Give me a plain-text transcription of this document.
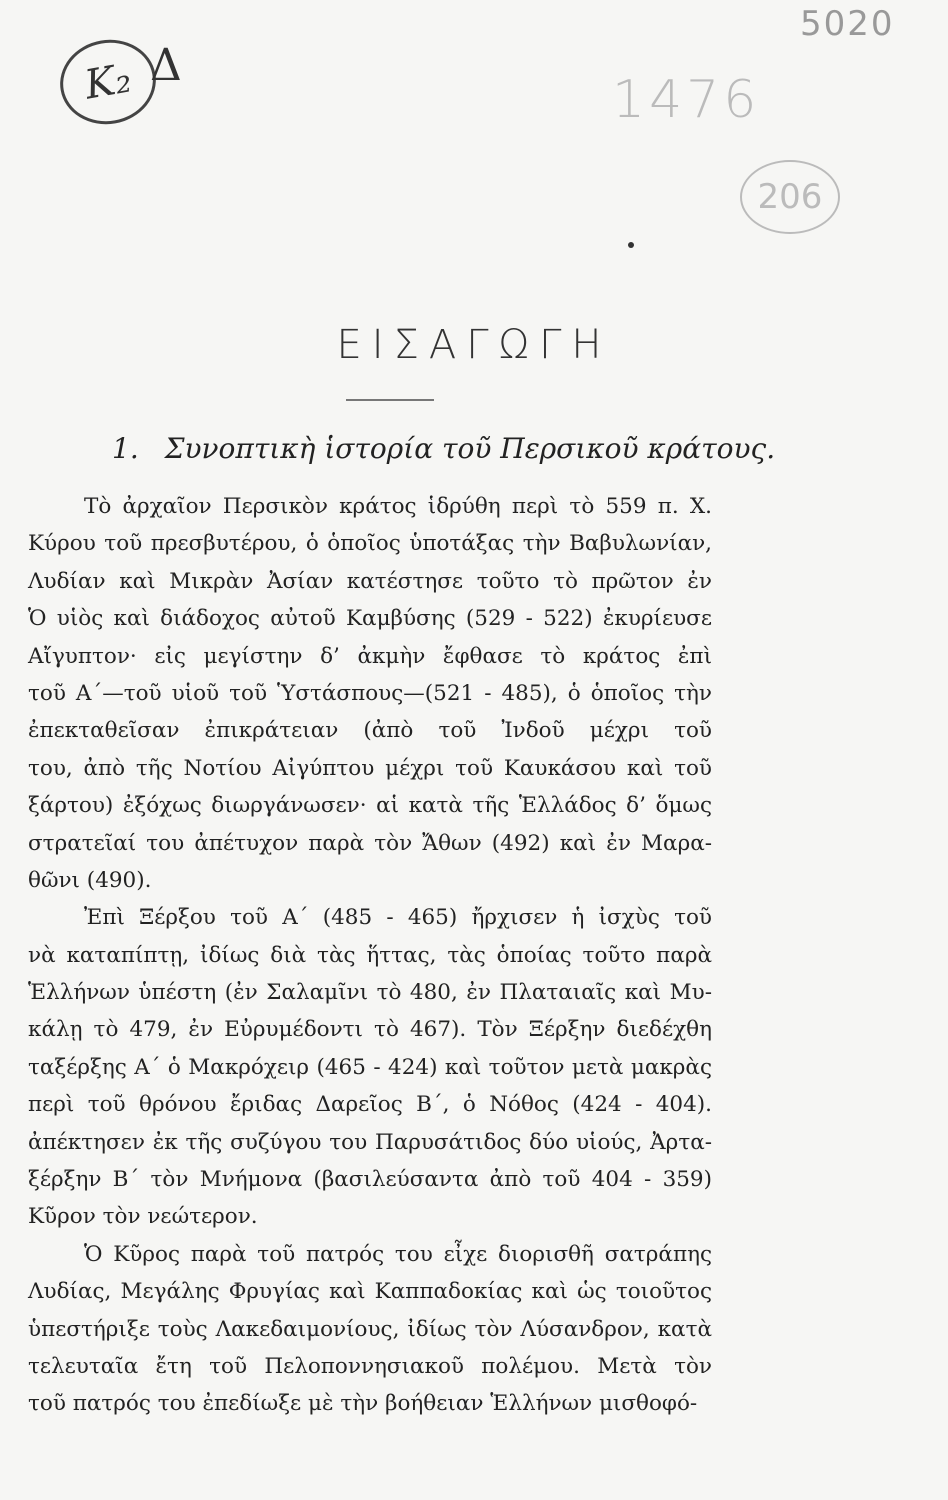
K₂ Δ
5020
1476
206
ΕΙΣΑΓΩΓΗ
1. Συνοπτικὴ ἱστορία τοῦ Περσικοῦ κράτους.

Τὸ ἀρχαῖον Περσικὸν κράτος ἱδρύθη περὶ τὸ 559 π. Χ.
Κύρου τοῦ πρεσβυτέρου, ὁ ὁποῖος ὑποτάξας τὴν Βαβυλωνίαν,
Λυδίαν καὶ Μικρὰν Ἀσίαν κατέστησε τοῦτο τὸ πρῶτον ἐν
Ὁ υἱὸς καὶ διάδοχος αὐτοῦ Καμβύσης (529 - 522) ἐκυρίευσε
Αἴγυπτον· εἰς μεγίστην δ’ ἀκμὴν ἔφθασε τὸ κράτος ἐπὶ
τοῦ Α΄—τοῦ υἱοῦ τοῦ Ὑστάσπους—(521 - 485), ὁ ὁποῖος τὴν
ἐπεκταθεῖσαν ἐπικράτειαν (ἀπὸ τοῦ Ἰνδοῦ μέχρι τοῦ
του, ἀπὸ τῆς Νοτίου Αἰγύπτου μέχρι τοῦ Καυκάσου καὶ τοῦ
ξάρτου) ἐξόχως διωργάνωσεν· αἱ κατὰ τῆς Ἑλλάδος δ’ ὅμως
στρατεῖαί του ἀπέτυχον παρὰ τὸν Ἄθων (492) καὶ ἐν Μαρα-
θῶνι (490).

Ἐπὶ Ξέρξου τοῦ Α΄ (485 - 465) ἤρχισεν ἡ ἰσχὺς τοῦ
νὰ καταπίπτῃ, ἰδίως διὰ τὰς ἥττας, τὰς ὁποίας τοῦτο παρὰ
Ἑλλήνων ὑπέστη (ἐν Σαλαμῖνι τὸ 480, ἐν Πλαταιαῖς καὶ Μυ-
κάλῃ τὸ 479, ἐν Εὐρυμέδοντι τὸ 467). Τὸν Ξέρξην διεδέχθη
ταξέρξης Α΄ ὁ Μακρόχειρ (465 - 424) καὶ τοῦτον μετὰ μακρὰς
περὶ τοῦ θρόνου ἔριδας Δαρεῖος Β΄, ὁ Νόθος (424 - 404).
ἀπέκτησεν ἐκ τῆς συζύγου του Παρυσάτιδος δύο υἱούς, Ἀρτα-
ξέρξην Β΄ τὸν Μνήμονα (βασιλεύσαντα ἀπὸ τοῦ 404 - 359)
Κῦρον τὸν νεώτερον.

Ὁ Κῦρος παρὰ τοῦ πατρός του εἶχε διορισθῆ σατράπης
Λυδίας, Μεγάλης Φρυγίας καὶ Καππαδοκίας καὶ ὡς τοιοῦτος
ὑπεστήριξε τοὺς Λακεδαιμονίους, ἰδίως τὸν Λύσανδρον, κατὰ
τελευταῖα ἔτη τοῦ Πελοποννησιακοῦ πολέμου. Μετὰ τὸν
τοῦ πατρός του ἐπεδίωξε μὲ τὴν βοήθειαν Ἑλλήνων μισθοφό-
